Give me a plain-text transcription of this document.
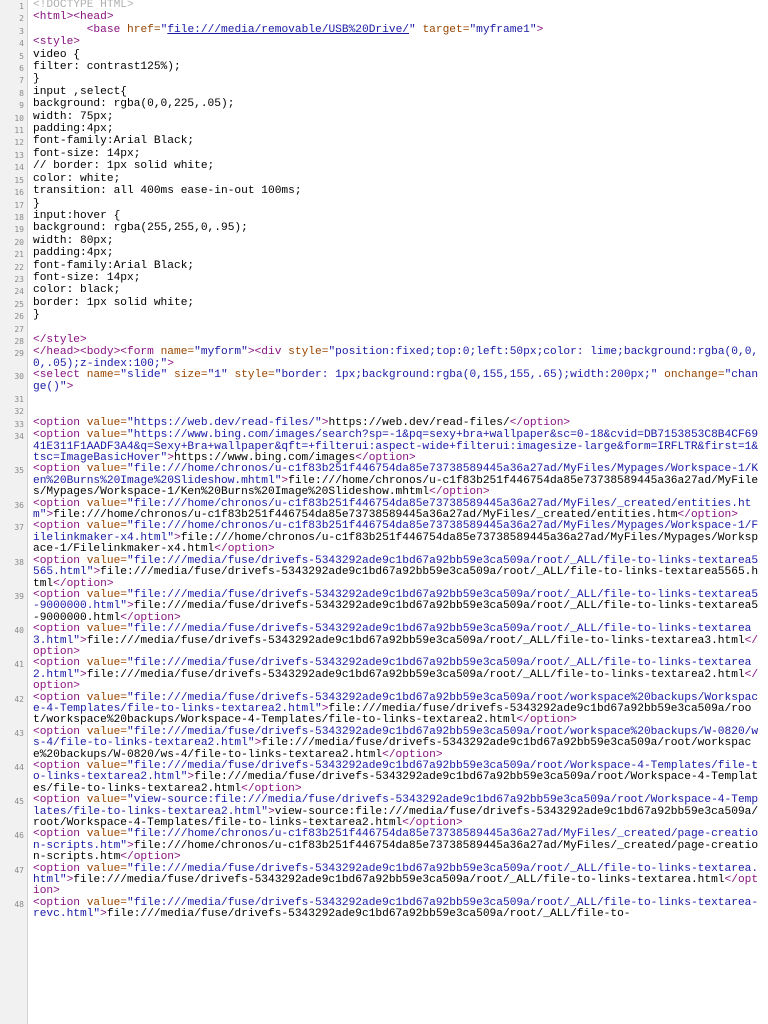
1 <!DOCTYPE HTML>
2 <html><head>
3	<base href="file:///media/removable/USB%20Drive/" target="myframe1">
4 <style>
5 video {
6 filter: contrast125%);
7 }
8 input ,select{
9 background: rgba(0,0,225,.05);
10 width: 75px;
11 padding:4px;
12 font-family:Arial Black;
13 font-size: 14px;
14 // border: 1px solid white;
15 color: white;
16 transition: all 400ms ease-in-out 100ms;
17 }
18 input:hover {
19 background: rgba(255,255,0,.95);
20 width: 80px;
21 padding:4px;
22 font-family:Arial Black;
23 font-size: 14px;
24 color: black;
25 border: 1px solid white;
26 }
27
28 </style>
29 </head><body><form name="myform"><div style="position:fixed;top:0;left:50px;color: lime;background:rgba(0,0,0,.05);z-index:100;">
30 <select name="slide" size="1" style="border: 1px;background:rgba(0,155,155,.65);width:200px;" onchange="change()">
31
32
33 <option value="https://web.dev/read-files/">https://web.dev/read-files/</option>
34 <option value="https://www.bing.com/images/search?sp=-1&pq=sexy+bra+wallpaper&sc=0-18&cvid=DB7153853C8B4CF6941E311F1AADF3A4&q=Sexy+Bra+wallpaper&qft=+filterui:aspect-wide+filterui:imagesize-large&form=IRFLTR&first=1&tsc=ImageBasicHover">https://www.bing.com/images</option>
35 <option value="file:///home/chronos/u-c1f83b251f446754da85e73738589445a36a27ad/MyFiles/Mypages/Workspace-1/Ken%20Burns%20Image%20Slideshow.mhtml">file:///home/chronos/u-c1f83b251f446754da85e73738589445a36a27ad/MyFiles/Mypages/Workspace-1/Ken%20Burns%20Image%20Slideshow.mhtml</option>
36 <option value="file:///home/chronos/u-c1f83b251f446754da85e73738589445a36a27ad/MyFiles/_created/entities.htm">file:///home/chronos/u-c1f83b251f446754da85e73738589445a36a27ad/MyFiles/_created/entities.htm</option>
37 <option value="file:///home/chronos/u-c1f83b251f446754da85e73738589445a36a27ad/MyFiles/Mypages/Workspace-1/Filelinkmaker-x4.html">file:///home/chronos/u-c1f83b251f446754da85e73738589445a36a27ad/MyFiles/Mypages/Workspace-1/Filelinkmaker-x4.html</option>
38 <option value="file:///media/fuse/drivefs-5343292ade9c1bd67a92bb59e3ca509a/root/_ALL/file-to-links-textarea5565.html">file:///media/fuse/drivefs-5343292ade9c1bd67a92bb59e3ca509a/root/_ALL/file-to-links-textarea5565.html</option>
39 <option value="file:///media/fuse/drivefs-5343292ade9c1bd67a92bb59e3ca509a/root/_ALL/file-to-links-textarea5-9000000.html">file:///media/fuse/drivefs-5343292ade9c1bd67a92bb59e3ca509a/root/_ALL/file-to-links-textarea5-9000000.html</option>
40 <option value="file:///media/fuse/drivefs-5343292ade9c1bd67a92bb59e3ca509a/root/_ALL/file-to-links-textarea3.html">file:///media/fuse/drivefs-5343292ade9c1bd67a92bb59e3ca509a/root/_ALL/file-to-links-textarea3.html</option>
41 <option value="file:///media/fuse/drivefs-5343292ade9c1bd67a92bb59e3ca509a/root/_ALL/file-to-links-textarea2.html">file:///media/fuse/drivefs-5343292ade9c1bd67a92bb59e3ca509a/root/_ALL/file-to-links-textarea2.html</option>
42 <option value="file:///media/fuse/drivefs-5343292ade9c1bd67a92bb59e3ca509a/root/workspace%20backups/Workspace-4-Templates/file-to-links-textarea2.html">file:///media/fuse/drivefs-5343292ade9c1bd67a92bb59e3ca509a/root/workspace%20backups/Workspace-4-Templates/file-to-links-textarea2.html</option>
43 <option value="file:///media/fuse/drivefs-5343292ade9c1bd67a92bb59e3ca509a/root/workspace%20backups/W-0820/ws-4/file-to-links-textarea2.html">file:///media/fuse/drivefs-5343292ade9c1bd67a92bb59e3ca509a/root/workspace%20backups/W-0820/ws-4/file-to-links-textarea2.html</option>
44 <option value="file:///media/fuse/drivefs-5343292ade9c1bd67a92bb59e3ca509a/root/Workspace-4-Templates/file-to-links-textarea2.html">file:///media/fuse/drivefs-5343292ade9c1bd67a92bb59e3ca509a/root/Workspace-4-Templates/file-to-links-textarea2.html</option>
45 <option value="view-source:file:///media/fuse/drivefs-5343292ade9c1bd67a92bb59e3ca509a/root/Workspace-4-Templates/file-to-links-textarea2.html">view-source:file:///media/fuse/drivefs-5343292ade9c1bd67a92bb59e3ca509a/root/Workspace-4-Templates/file-to-links-textarea2.html</option>
46 <option value="file:///home/chronos/u-c1f83b251f446754da85e73738589445a36a27ad/MyFiles/_created/page-creation-scripts.htm">file:///home/chronos/u-c1f83b251f446754da85e73738589445a36a27ad/MyFiles/_created/page-creation-scripts.htm</option>
47 <option value="file:///media/fuse/drivefs-5343292ade9c1bd67a92bb59e3ca509a/root/_ALL/file-to-links-textarea.html">file:///media/fuse/drivefs-5343292ade9c1bd67a92bb59e3ca509a/root/_ALL/file-to-links-textarea.html</option>
48 <option value="file:///media/fuse/drivefs-5343292ade9c1bd67a92bb59e3ca509a/root/_ALL/file-to-links-textarea-revc.html">file:///media/fuse/drivefs-5343292ade9c1bd67a92bb59e3ca509a/root/_ALL/file-to-
